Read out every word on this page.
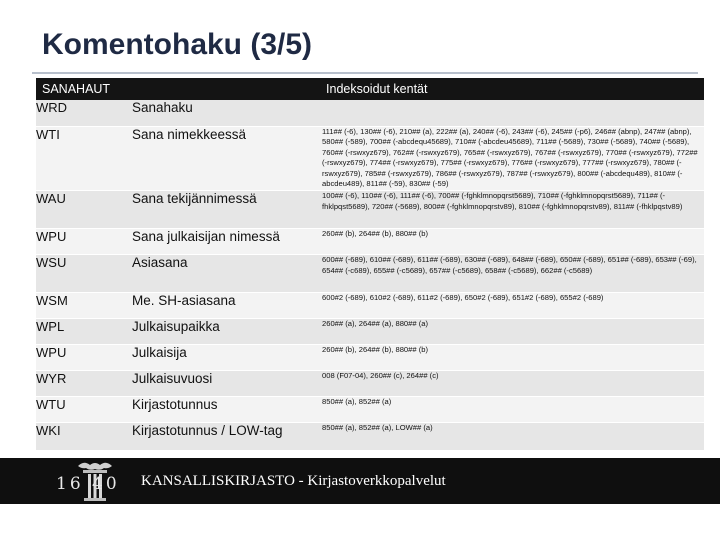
Komentohaku (3/5)
SANAHAUT		Indeksoidut kentät
WRD	Sanahaku	
WTI	Sana nimekkeessä	111## (-6), 130## (-6), 210## (a), 222## (a), 240## (-6), 243## (-6), 245## (-p6), 246## (abnp), 247## (abnp), 580## (-589), 700## (-abcdequ45689), 710## (-abcdeu45689), 711## (-5689), 730## (-5689), 740## (-5689), 760## (-rswxyz679), 762## (-rswxyz679), 765## (-rswxyz679), 767## (-rswxyz679), 770## (-rswxyz679), 772## (-rswxyz679), 774## (-rswxyz679), 775## (-rswxyz679), 776## (-rswxyz679), 777## (-rswxyz679), 780## (-rswxyz679), 785## (-rswxyz679), 786## (-rswxyz679), 787## (-rswxyz679), 800## (-abcdequ489), 810## (-abcdeu489), 811## (-59), 830## (-59)
WAU	Sana tekijännimessä	100## (-6), 110## (-6), 111## (-6), 700## (-fghklmnopqrst5689), 710## (-fghklmnopqrst5689), 711## (-fhklpqst5689), 720## (-5689), 800## (-fghklmnopqrstv89), 810## (-fghklmnopqrstv89), 811## (-fhklpqstv89)
WPU	Sana julkaisijan nimessä	260## (b), 264## (b), 880## (b)
WSU	Asiasana	600## (-689), 610## (-689), 611## (-689), 630## (-689), 648## (-689), 650## (-689), 651## (-689), 653## (-69), 654## (-c689), 655## (-c5689), 657## (-c5689), 658## (-c5689), 662## (-c5689)
WSM	Me. SH-asiasana	600#2 (-689), 610#2 (-689), 611#2 (-689), 650#2 (-689), 651#2 (-689), 655#2 (-689)
WPL	Julkaisupaikka	260## (a), 264## (a), 880## (a)
WPU	Julkaisija	260## (b), 264## (b), 880## (b)
WYR	Julkaisuvuosi	008 (F07-04), 260## (c), 264## (c)
WTU	Kirjastotunnus	850## (a), 852## (a)
WKI	Kirjastotunnus / LOW-tag	850## (a), 852## (a), LOW## (a)
16 40	KANSALLISKIRJASTO - Kirjastoverkkopalvelut
